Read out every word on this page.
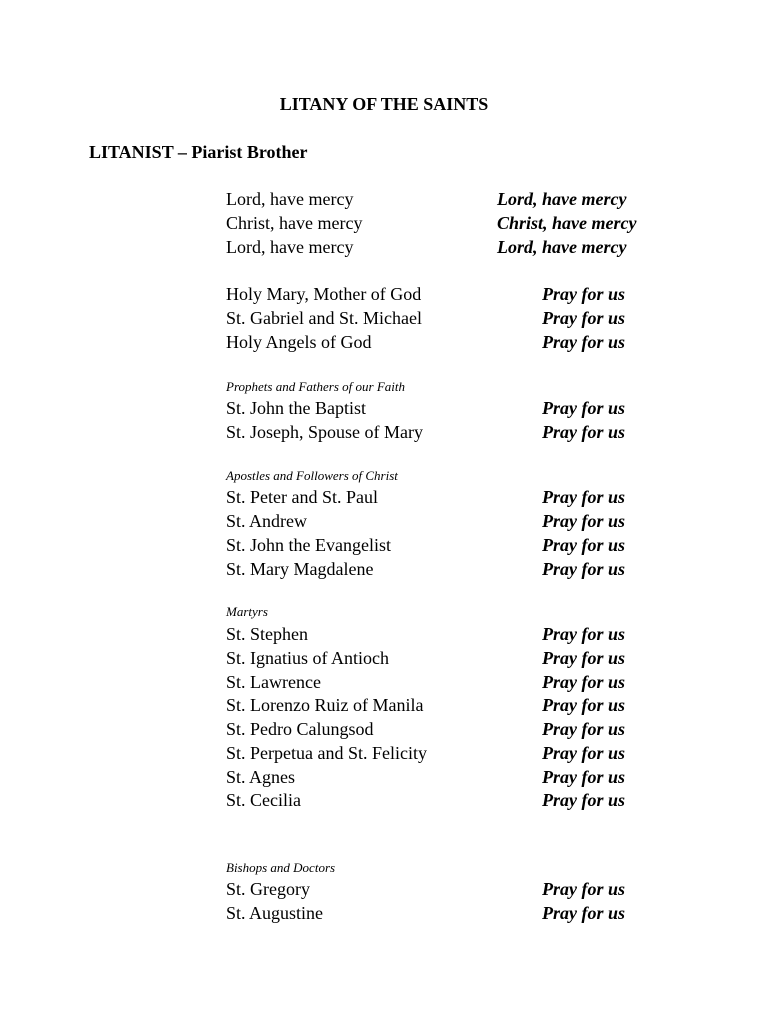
LITANY OF THE SAINTS
LITANIST – Piarist Brother
Lord, have mercy	Lord, have mercy
Christ, have mercy	Christ, have mercy
Lord, have mercy	Lord, have mercy
Holy Mary, Mother of God	Pray for us
St. Gabriel and St. Michael	Pray for us
Holy Angels of God	Pray for us
Prophets and Fathers of our Faith
St. John the Baptist	Pray for us
St. Joseph, Spouse of Mary	Pray for us
Apostles and Followers of Christ
St. Peter and St. Paul	Pray for us
St. Andrew	Pray for us
St. John the Evangelist	Pray for us
St. Mary Magdalene	Pray for us
Martyrs
St. Stephen	Pray for us
St. Ignatius of Antioch	Pray for us
St. Lawrence	Pray for us
St. Lorenzo Ruiz of Manila	Pray for us
St. Pedro Calungsod	Pray for us
St. Perpetua and St. Felicity	Pray for us
St. Agnes	Pray for us
St. Cecilia	Pray for us
Bishops and Doctors
St. Gregory	Pray for us
St. Augustine	Pray for us
